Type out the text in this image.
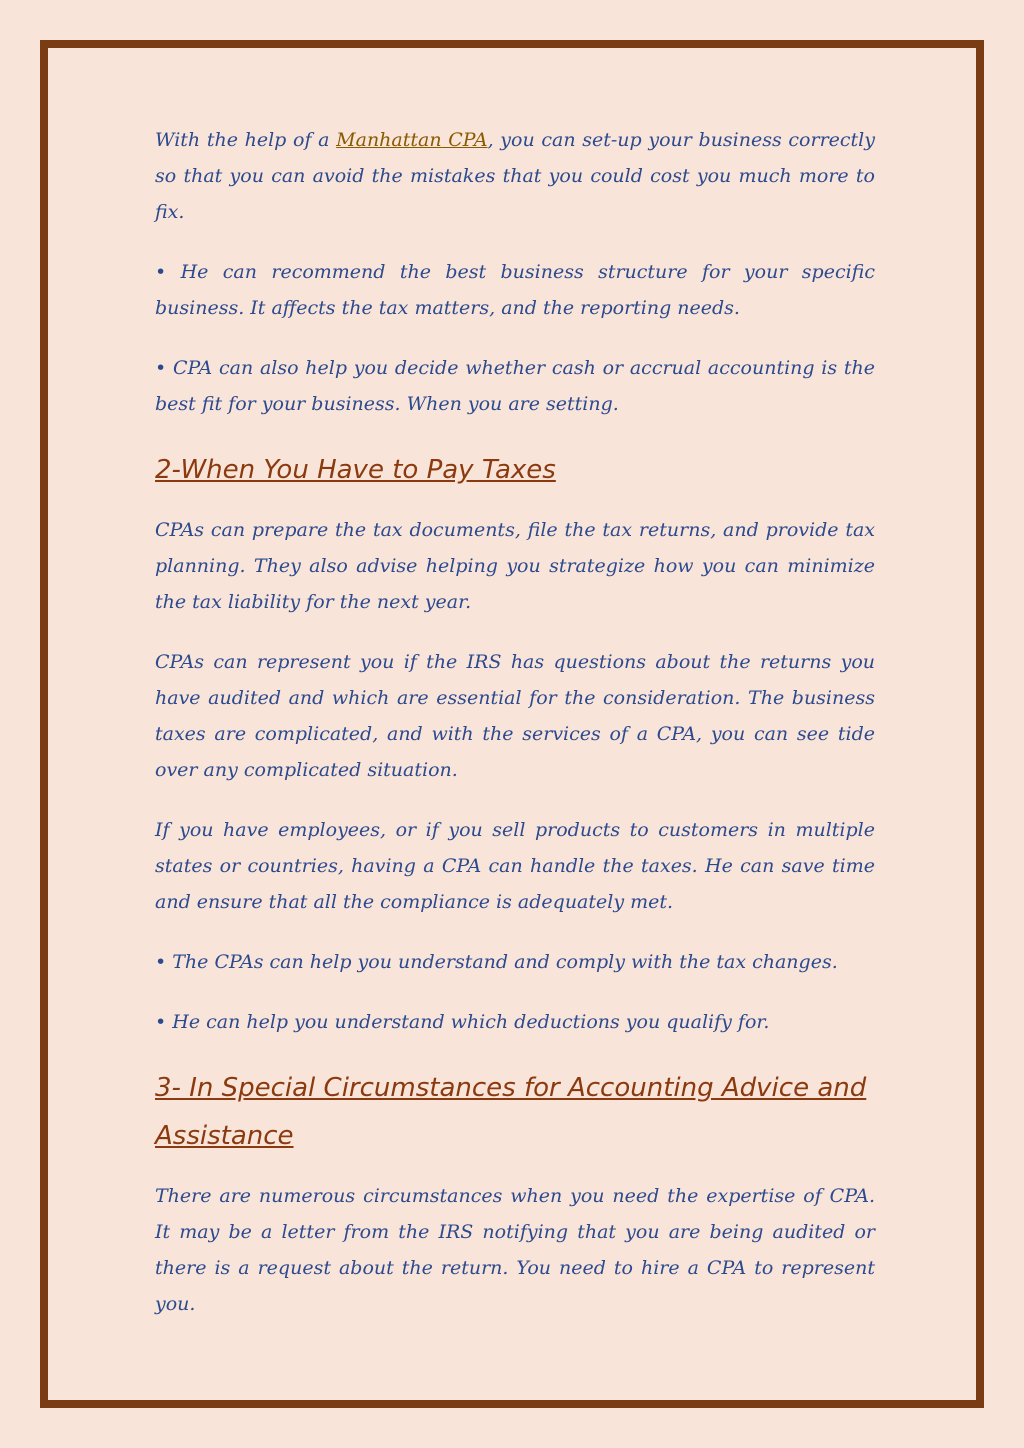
With the help of a Manhattan CPA, you can set-up your business correctly so that you can avoid the mistakes that you could cost you much more to fix.

• He can recommend the best business structure for your specific business. It affects the tax matters, and the reporting needs.

• CPA can also help you decide whether cash or accrual accounting is the best fit for your business. When you are setting.

2-When You Have to Pay Taxes

CPAs can prepare the tax documents, file the tax returns, and provide tax planning. They also advise helping you strategize how you can minimize the tax liability for the next year.

CPAs can represent you if the IRS has questions about the returns you have audited and which are essential for the consideration. The business taxes are complicated, and with the services of a CPA, you can see tide over any complicated situation.

If you have employees, or if you sell products to customers in multiple states or countries, having a CPA can handle the taxes. He can save time and ensure that all the compliance is adequately met.

• The CPAs can help you understand and comply with the tax changes.

• He can help you understand which deductions you qualify for.

3- In Special Circumstances for Accounting Advice and Assistance

There are numerous circumstances when you need the expertise of CPA. It may be a letter from the IRS notifying that you are being audited or there is a request about the return. You need to hire a CPA to represent you.
